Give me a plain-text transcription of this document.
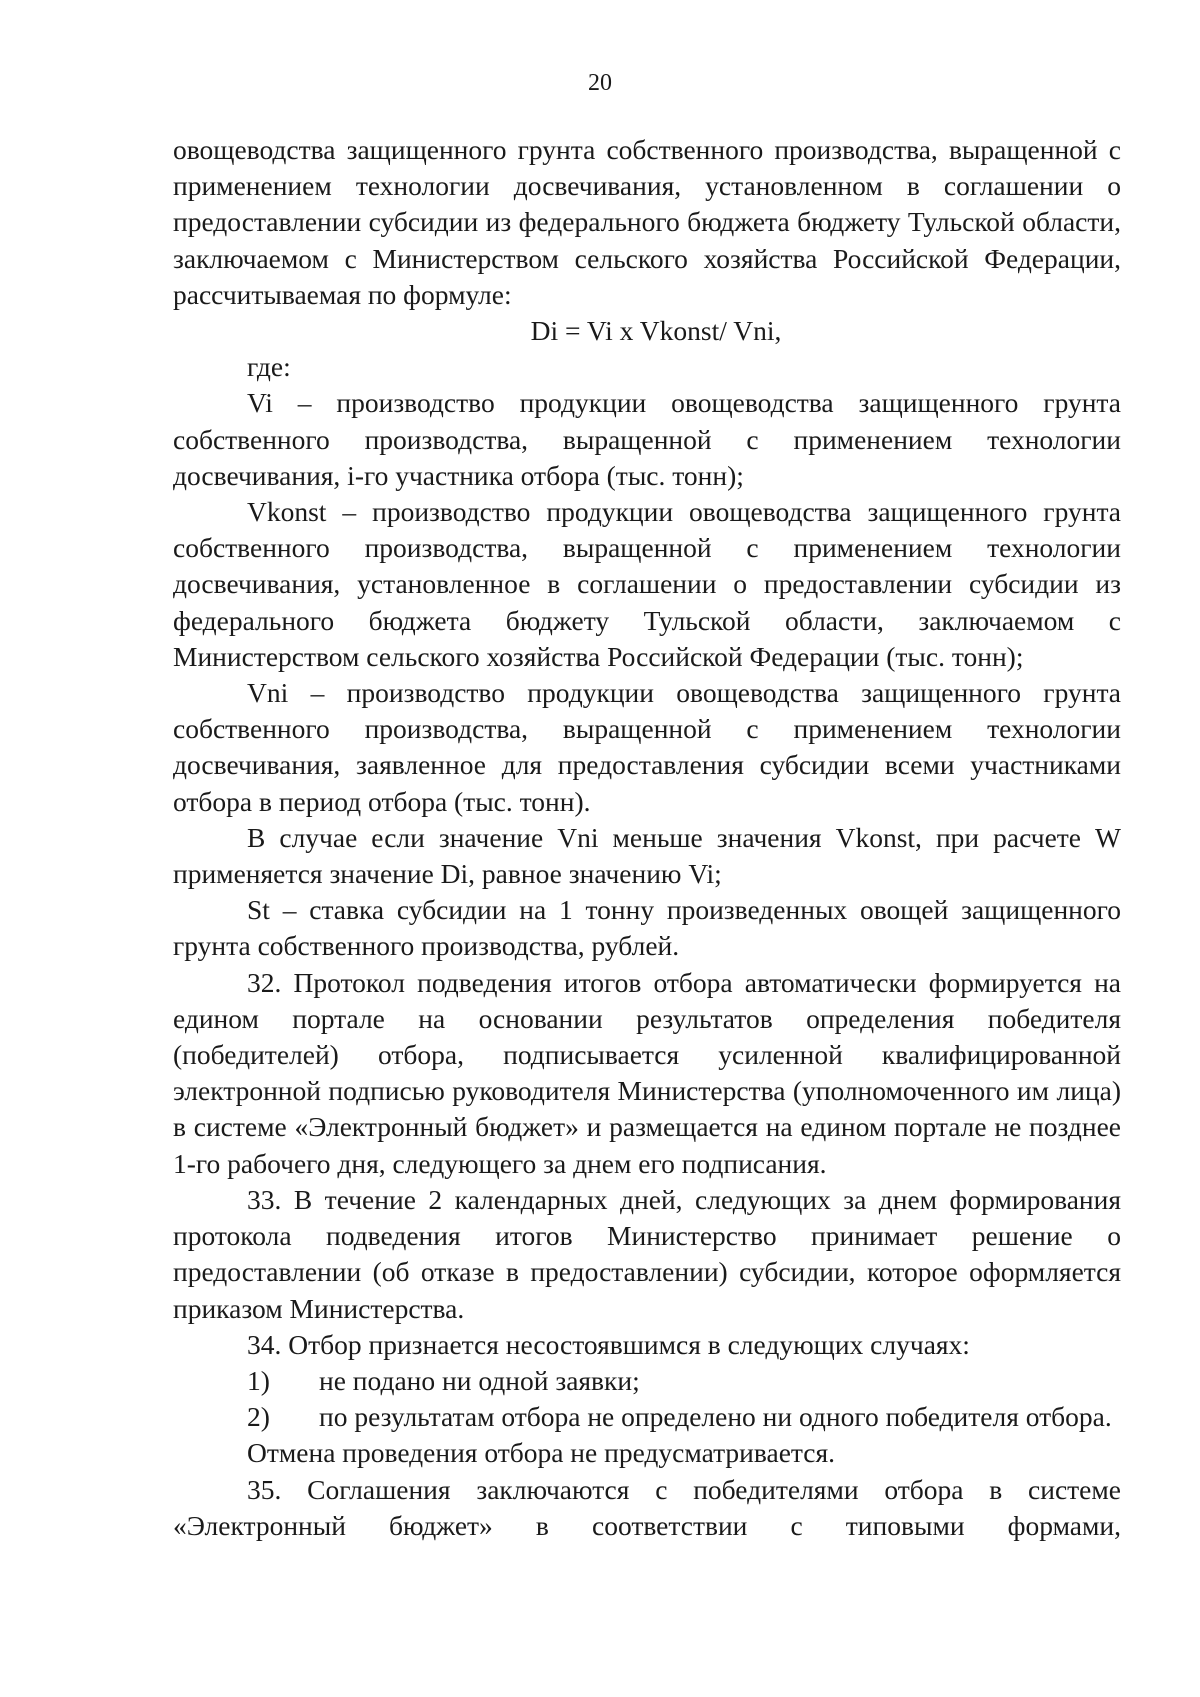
20

овощеводства защищенного грунта собственного производства, выращенной с применением технологии досвечивания, установленном в соглашении о предоставлении субсидии из федерального бюджета бюджету Тульской области, заключаемом с Министерством сельского хозяйства Российской Федерации, рассчитываемая по формуле:

Di = Vi x Vkonst/ Vni,

где:

Vi – производство продукции овощеводства защищенного грунта собственного производства, выращенной с применением технологии досвечивания, i-го участника отбора (тыс. тонн);

Vkonst – производство продукции овощеводства защищенного грунта собственного производства, выращенной с применением технологии досвечивания, установленное в соглашении о предоставлении субсидии из федерального бюджета бюджету Тульской области, заключаемом с Министерством сельского хозяйства Российской Федерации (тыс. тонн);

Vni – производство продукции овощеводства защищенного грунта собственного производства, выращенной с применением технологии досвечивания, заявленное для предоставления субсидии всеми участниками отбора в период отбора (тыс. тонн).

В случае если значение Vni меньше значения Vkonst, при расчете W применяется значение Di, равное значению Vi;

St – ставка субсидии на 1 тонну произведенных овощей защищенного грунта собственного производства, рублей.

32. Протокол подведения итогов отбора автоматически формируется на едином портале на основании результатов определения победителя (победителей) отбора, подписывается усиленной квалифицированной электронной подписью руководителя Министерства (уполномоченного им лица) в системе «Электронный бюджет» и размещается на едином портале не позднее 1-го рабочего дня, следующего за днем его подписания.

33. В течение 2 календарных дней, следующих за днем формирования протокола подведения итогов Министерство принимает решение о предоставлении (об отказе в предоставлении) субсидии, которое оформляется приказом Министерства.

34. Отбор признается несостоявшимся в следующих случаях:

1) не подано ни одной заявки;

2) по результатам отбора не определено ни одного победителя отбора.

Отмена проведения отбора не предусматривается.

35. Соглашения заключаются с победителями отбора в системе «Электронный бюджет» в соответствии с типовыми формами,
